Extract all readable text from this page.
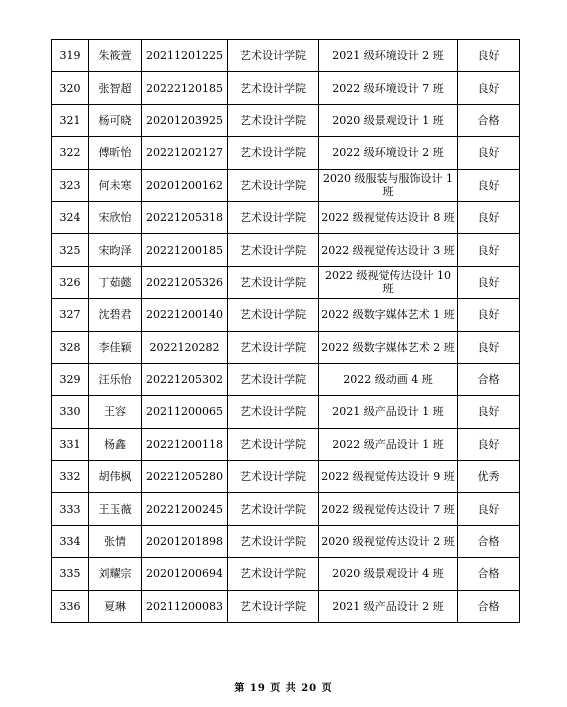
319	朱筱萱	20211201225	艺术设计学院	2021 级环境设计 2 班	良好
320	张智超	20222120185	艺术设计学院	2022 级环境设计 7 班	良好
321	杨可晓	20201203925	艺术设计学院	2020 级景观设计 1 班	合格
322	傅昕怡	20221202127	艺术设计学院	2022 级环境设计 2 班	良好
323	何未寒	20201200162	艺术设计学院	2020 级服装与服饰设计 1 班	良好
324	宋欣怡	20221205318	艺术设计学院	2022 级视觉传达设计 8 班	良好
325	宋昀泽	20221200185	艺术设计学院	2022 级视觉传达设计 3 班	良好
326	丁茹懿	20221205326	艺术设计学院	2022 级视觉传达设计 10 班	良好
327	沈碧君	20221200140	艺术设计学院	2022 级数字媒体艺术 1 班	良好
328	李佳颖	2022120282	艺术设计学院	2022 级数字媒体艺术 2 班	良好
329	汪乐怡	20221205302	艺术设计学院	2022 级动画 4 班	合格
330	王容	20211200065	艺术设计学院	2021 级产品设计 1 班	良好
331	杨鑫	20221200118	艺术设计学院	2022 级产品设计 1 班	良好
332	胡伟枫	20221205280	艺术设计学院	2022 级视觉传达设计 9 班	优秀
333	王玉薇	20221200245	艺术设计学院	2022 级视觉传达设计 7 班	良好
334	张情	20201201898	艺术设计学院	2020 级视觉传达设计 2 班	合格
335	刘耀宗	20201200694	艺术设计学院	2020 级景观设计 4 班	合格
336	夏琳	20211200083	艺术设计学院	2021 级产品设计 2 班	合格
第 19 页 共 20 页
